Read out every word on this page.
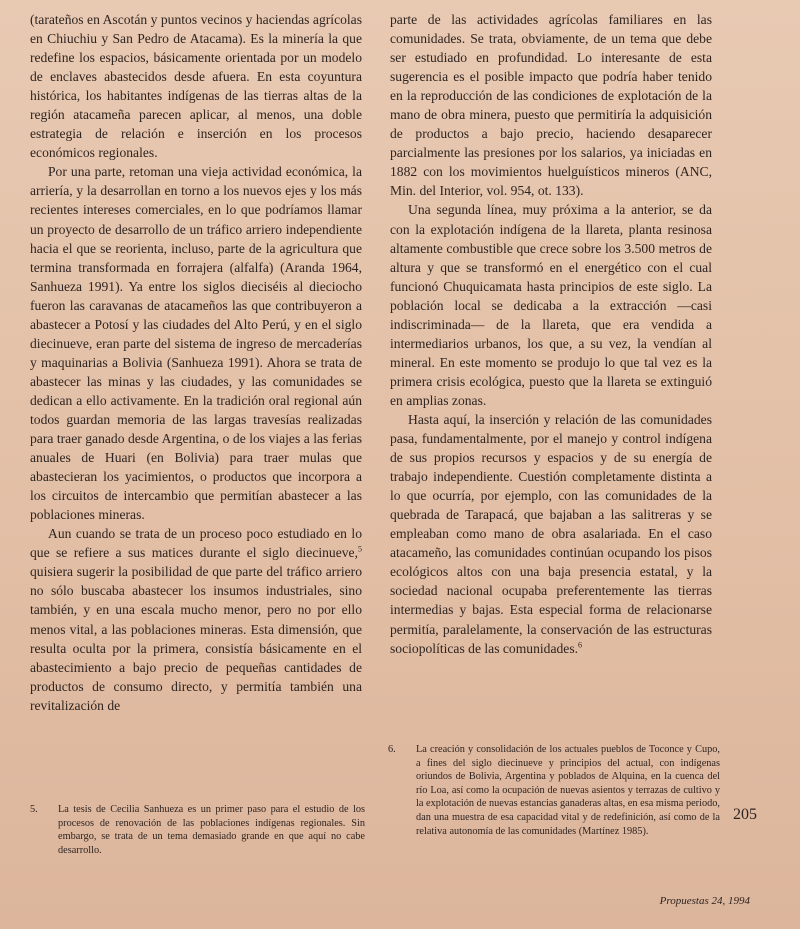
(tarateños en Ascotán y puntos vecinos y haciendas agrícolas en Chiuchiu y San Pedro de Atacama). Es la minería la que redefine los espacios, básicamente orientada por un modelo de enclaves abastecidos desde afuera. En esta coyuntura histórica, los habitantes indígenas de las tierras altas de la región atacameña parecen aplicar, al menos, una doble estrategia de relación e inserción en los procesos económicos regionales.

Por una parte, retoman una vieja actividad económica, la arriería, y la desarrollan en torno a los nuevos ejes y los más recientes intereses comerciales, en lo que podríamos llamar un proyecto de desarrollo de un tráfico arriero independiente hacia el que se reorienta, incluso, parte de la agricultura que termina transformada en forrajera (alfalfa) (Aranda 1964, Sanhueza 1991). Ya entre los siglos dieciséis al dieciocho fueron las caravanas de atacameños las que contribuyeron a abastecer a Potosí y las ciudades del Alto Perú, y en el siglo diecinueve, eran parte del sistema de ingreso de mercaderías y maquinarias a Bolivia (Sanhueza 1991). Ahora se trata de abastecer las minas y las ciudades, y las comunidades se dedican a ello activamente. En la tradición oral regional aún todos guardan memoria de las largas travesías realizadas para traer ganado desde Argentina, o de los viajes a las ferias anuales de Huari (en Bolivia) para traer mulas que abastecieran los yacimientos, o productos que incorpora a los circuitos de intercambio que permitían abastecer a las poblaciones mineras.

Aun cuando se trata de un proceso poco estudiado en lo que se refiere a sus matices durante el siglo diecinueve,$^5$ quisiera sugerir la posibilidad de que parte del tráfico arriero no sólo buscaba abastecer los insumos industriales, sino también, y en una escala mucho menor, pero no por ello menos vital, a las poblaciones mineras. Esta dimensión, que resulta oculta por la primera, consistía básicamente en el abastecimiento a bajo precio de pequeñas cantidades de productos de consumo directo, y permitía también una revitalización de

parte de las actividades agrícolas familiares en las comunidades. Se trata, obviamente, de un tema que debe ser estudiado en profundidad. Lo interesante de esta sugerencia es el posible impacto que podría haber tenido en la reproducción de las condiciones de explotación de la mano de obra minera, puesto que permitiría la adquisición de productos a bajo precio, haciendo desaparecer parcialmente las presiones por los salarios, ya iniciadas en 1882 con los movimientos huelguísticos mineros (ANC, Min. del Interior, vol. 954, ot. 133).

Una segunda línea, muy próxima a la anterior, se da con la explotación indígena de la llareta, planta resinosa altamente combustible que crece sobre los 3.500 metros de altura y que se transformó en el energético con el cual funcionó Chuquicamata hasta principios de este siglo. La población local se dedicaba a la extracción —casi indiscriminada— de la llareta, que era vendida a intermediarios urbanos, los que, a su vez, la vendían al mineral. En este momento se produjo lo que tal vez es la primera crisis ecológica, puesto que la llareta se extinguió en amplias zonas.

Hasta aquí, la inserción y relación de las comunidades pasa, fundamentalmente, por el manejo y control indígena de sus propios recursos y espacios y de su energía de trabajo independiente. Cuestión completamente distinta a lo que ocurría, por ejemplo, con las comunidades de la quebrada de Tarapacá, que bajaban a las salitreras y se empleaban como mano de obra asalariada. En el caso atacameño, las comunidades continúan ocupando los pisos ecológicos altos con una baja presencia estatal, y la sociedad nacional ocupaba preferentemente las tierras intermedias y bajas. Esta especial forma de relacionarse permitía, paralelamente, la conservación de las estructuras sociopolíticas de las comunidades.$^6$

5. La tesis de Cecilia Sanhueza es un primer paso para el estudio de los procesos de renovación de las poblaciones indígenas regionales. Sin embargo, se trata de un tema demasiado grande en que aquí no cabe desarrollo.
6. La creación y consolidación de los actuales pueblos de Toconce y Cupo, a fines del siglo diecinueve y principios del actual, con indígenas oriundos de Bolivia, Argentina y poblados de Alquina, en la cuenca del río Loa, así como la ocupación de nuevas asientos y terrazas de cultivo y la explotación de nuevas estancias ganaderas altas, en esa misma periodo, dan una muestra de esa capacidad vital y de redefinición, así como de la relativa autonomía de las comunidades (Martínez 1985).
205
Propuestas 24, 1994
